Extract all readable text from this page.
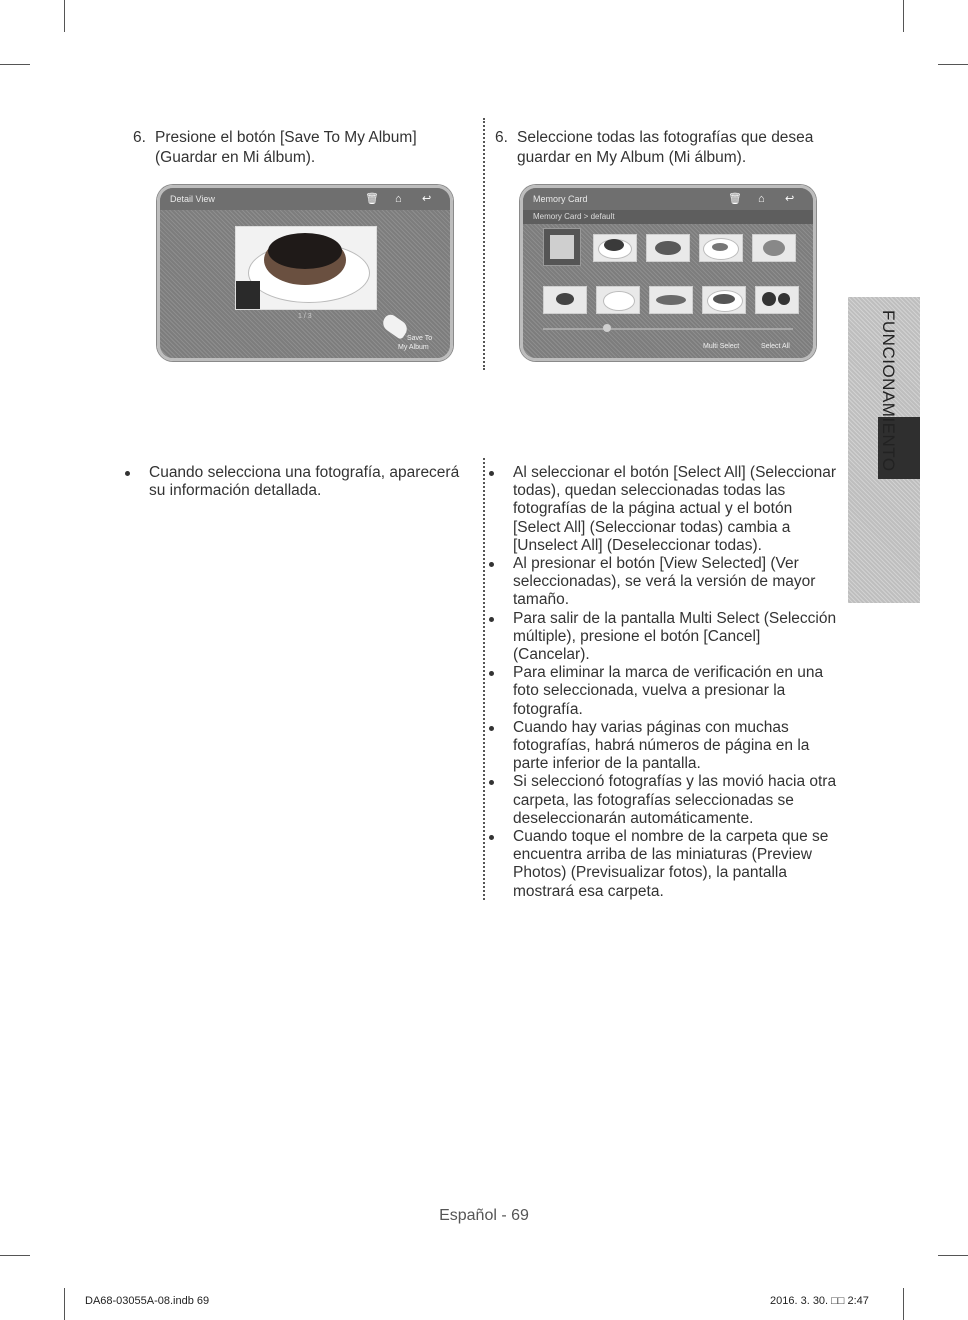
6. Presione el botón [Save To My Album]
(Guardar en Mi álbum).
6. Seleccione todas las fotografías que desea
guardar en My Album (Mi álbum).
Detail View	🗑 ⌂ ↩
1 / 3
Save To
My Album
Memory Card	🗑 ⌂ ↩
Memory Card > default
Multi Select	Select All
Cuando selecciona una fotografía, aparecerá su información detallada.
Al seleccionar el botón [Select All] (Seleccionar todas), quedan seleccionadas todas las fotografías de la página actual y el botón [Select All] (Seleccionar todas) cambia a [Unselect All] (Deseleccionar todas).
Al presionar el botón [View Selected] (Ver seleccionadas), se verá la versión de mayor tamaño.
Para salir de la pantalla Multi Select (Selección múltiple), presione el botón [Cancel] (Cancelar).
Para eliminar la marca de verificación en una foto seleccionada, vuelva a presionar la fotografía.
Cuando hay varias páginas con muchas fotografías, habrá números de página en la parte inferior de la pantalla.
Si seleccionó fotografías y las movió hacia otra carpeta, las fotografías seleccionadas se deseleccionarán automáticamente.
Cuando toque el nombre de la carpeta que se encuentra arriba de las miniaturas (Preview Photos) (Previsualizar fotos), la pantalla mostrará esa carpeta.
FUNCIONAMIENTO
Español - 69
DA68-03055A-08.indb 69	2016. 3. 30. □□ 2:47
